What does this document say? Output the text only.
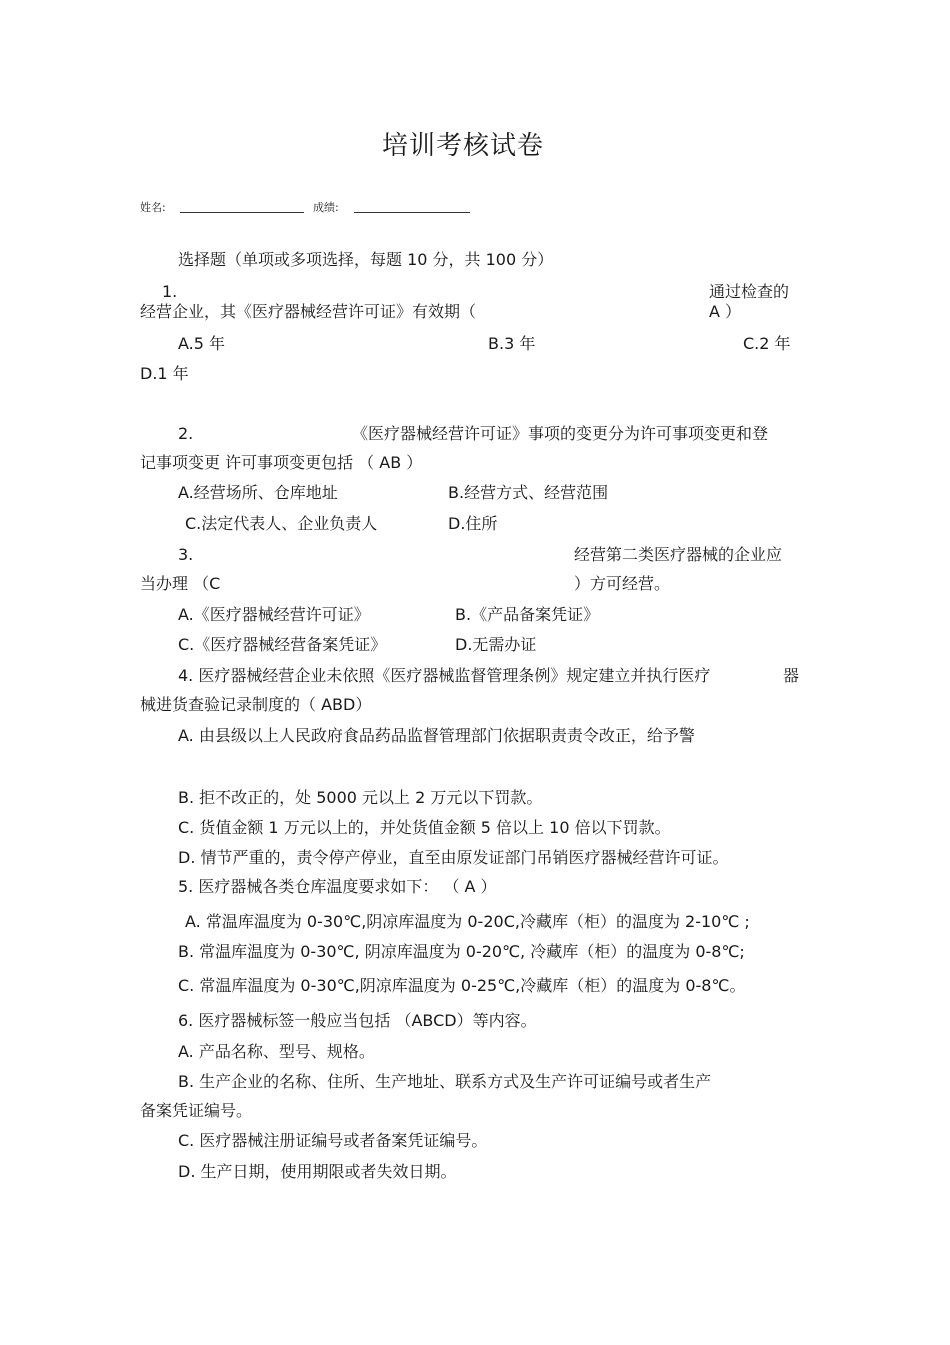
培训考核试卷
姓名:	成绩:
选择题（单项或多项选择，每题 10 分，共 100 分）
1.	通过检查的
经营企业，其《医疗器械经营许可证》有效期（	A ）
A.5 年	B.3 年	C.2 年
D.1 年
2.	《医疗器械经营许可证》事项的变更分为许可事项变更和登
记事项变更 许可事项变更包括 （ AB ）
A.经营场所、仓库地址	B.经营方式、经营范围
C.法定代表人、企业负责人	D.住所
3.	经营第二类医疗器械的企业应
当办理 （C	）方可经营。
A.《医疗器械经营许可证》	B.《产品备案凭证》
C.《医疗器械经营备案凭证》	D.无需办证
4. 医疗器械经营企业未依照《医疗器械监督管理条例》规定建立并执行医疗	器
械进货查验记录制度的（ ABD）
A. 由县级以上人民政府食品药品监督管理部门依据职责责令改正，给予警
B. 拒不改正的，处 5000 元以上 2 万元以下罚款。
C. 货值金额 1 万元以上的，并处货值金额 5 倍以上 10 倍以下罚款。
D. 情节严重的，责令停产停业，直至由原发证部门吊销医疗器械经营许可证。
5. 医疗器械各类仓库温度要求如下： （ A ）
A. 常温库温度为 0-30℃,阴凉库温度为 0-20C,冷藏库（柜）的温度为 2-10℃ ;
B. 常温库温度为 0-30℃, 阴凉库温度为 0-20℃, 冷藏库（柜）的温度为 0-8℃;
C. 常温库温度为 0-30℃,阴凉库温度为 0-25℃,冷藏库（柜）的温度为 0-8℃。
6. 医疗器械标签一般应当包括 （ABCD）等内容。
A. 产品名称、型号、规格。
B. 生产企业的名称、住所、生产地址、联系方式及生产许可证编号或者生产
备案凭证编号。
C. 医疗器械注册证编号或者备案凭证编号。
D. 生产日期，使用期限或者失效日期。
